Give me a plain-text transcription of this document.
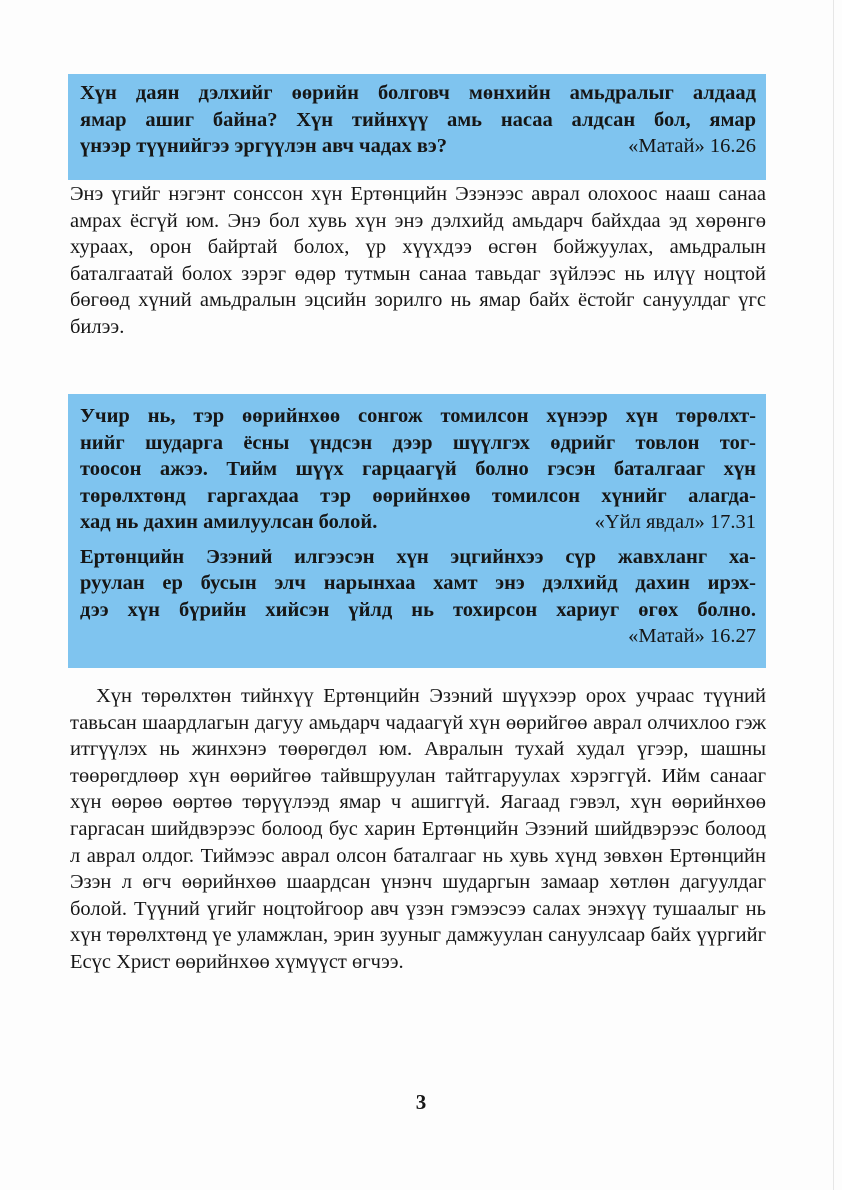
Хүн даян дэлхийг өөрийн болговч мөнхийн амьдралыг алдаад
ямар ашиг байна? Хүн тийнхүү амь насаа алдсан бол, ямар
үнээр түүнийгээ эргүүлэн авч чадах вэ?	«Матай» 16.26
Энэ үгийг нэгэнт сонссон хүн Ертөнцийн Эзэнээс аврал олохоос нааш санаа амрах ёсгүй юм. Энэ бол хувь хүн энэ дэлхийд амьдарч байхдаа эд хөрөнгө хураах, орон байртай болох, үр хүүхдээ өсгөн бойжуулах, амьдралын баталгаатай болох зэрэг өдөр тутмын санаа тавьдаг зүйлээс нь илүү ноцтой бөгөөд хүний амьдралын эцсийн зорилго нь ямар байх ёстойг сануулдаг үгс билээ.
Учир нь, тэр өөрийнхөө сонгож томилсон хүнээр хүн төрөлхт-
нийг шударга ёсны үндсэн дээр шүүлгэх өдрийг товлон тог-
тоосон ажээ. Тийм шүүх гарцаагүй болно гэсэн баталгааг хүн
төрөлхтөнд гаргахдаа тэр өөрийнхөө томилсон хүнийг алагда-
хад нь дахин амилуулсан болой.	«Үйл явдал» 17.31
Ертөнцийн Эзэний илгээсэн хүн эцгийнхээ сүр жавхланг ха-
руулан ер бусын элч нарынхаа хамт энэ дэлхийд дахин ирэх-
дээ хүн бүрийн хийсэн үйлд нь тохирсон хариуг өгөх болно.
«Матай» 16.27
Хүн төрөлхтөн тийнхүү Ертөнцийн Эзэний шүүхээр орох учраас түүний тавьсан шаардлагын дагуу амьдарч чадаагүй хүн өөрийгөө аврал олчихлоо гэж итгүүлэх нь жинхэнэ төөрөгдөл юм. Авралын тухай худал үгээр, шашны төөрөгдлөөр хүн өөрийгөө тайвшруулан тайтгаруулах хэрэггүй. Ийм санааг хүн өөрөө өөртөө төрүүлээд ямар ч ашиггүй. Яагаад гэвэл, хүн өөрийнхөө гаргасан шийдвэрээс болоод бус харин Ертөнцийн Эзэний шийдвэрээс болоод л аврал олдог. Тиймээс аврал олсон баталгааг нь хувь хүнд зөвхөн Ертөнцийн Эзэн л өгч өөрийнхөө шаардсан үнэнч шударгын замаар хөтлөн дагуулдаг болой. Түүний үгийг ноцтойгоор авч үзэн гэмээсээ салах энэхүү тушаалыг нь хүн төрөлхтөнд үе уламжлан, эрин зууныг дамжуулан сануулсаар байх үүргийг Есүс Христ өөрийнхөө хүмүүст өгчээ.
3
